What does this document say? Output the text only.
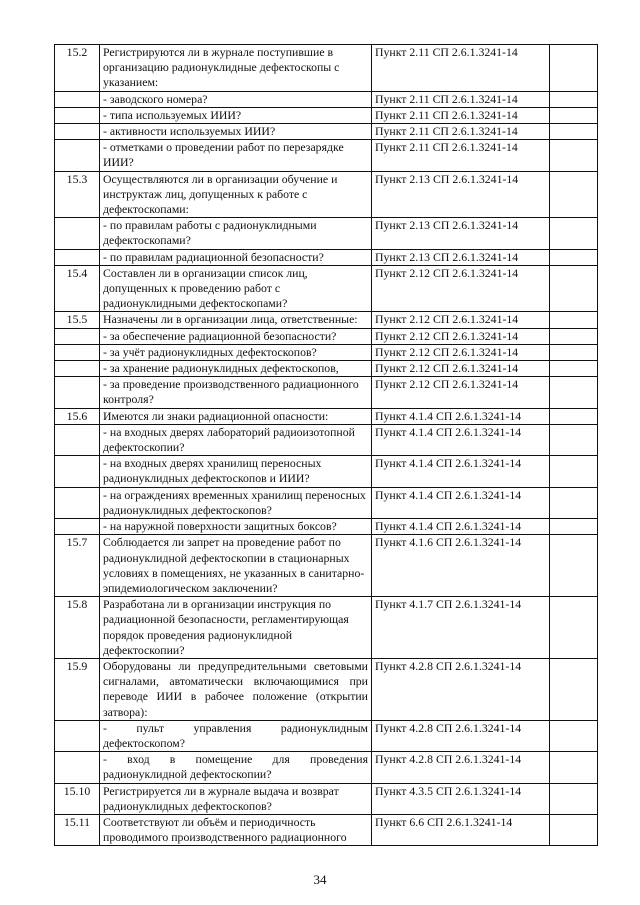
15.2	Регистрируются ли в журнале поступившие в организацию радионуклидные дефектоскопы с указанием:	Пункт 2.11 СП 2.6.1.3241-14	
	- заводского номера?	Пункт 2.11 СП 2.6.1.3241-14	
	- типа используемых ИИИ?	Пункт 2.11 СП 2.6.1.3241-14	
	- активности используемых ИИИ?	Пункт 2.11 СП 2.6.1.3241-14	
	- отметками о проведении работ по перезарядке ИИИ?	Пункт 2.11 СП 2.6.1.3241-14	
15.3	Осуществляются ли в организации обучение и инструктаж лиц, допущенных к работе с дефектоскопами:	Пункт 2.13 СП 2.6.1.3241-14	
	- по правилам работы с радионуклидными дефектоскопами?	Пункт 2.13 СП 2.6.1.3241-14	
	- по правилам радиационной безопасности?	Пункт 2.13 СП 2.6.1.3241-14	
15.4	Составлен ли в организации список лиц, допущенных к проведению работ с радионуклидными дефектоскопами?	Пункт 2.12 СП 2.6.1.3241-14	
15.5	Назначены ли в организации лица, ответственные:	Пункт 2.12 СП 2.6.1.3241-14	
	- за обеспечение радиационной безопасности?	Пункт 2.12 СП 2.6.1.3241-14	
	- за учёт радионуклидных дефектоскопов?	Пункт 2.12 СП 2.6.1.3241-14	
	- за хранение радионуклидных дефектоскопов,	Пункт 2.12 СП 2.6.1.3241-14	
	- за проведение производственного радиационного контроля?	Пункт 2.12 СП 2.6.1.3241-14	
15.6	Имеются ли знаки радиационной опасности:	Пункт 4.1.4 СП 2.6.1.3241-14	
	- на входных дверях лабораторий радиоизотопной дефектоскопии?	Пункт 4.1.4 СП 2.6.1.3241-14	
	- на входных дверях хранилищ переносных радионуклидных дефектоскопов и ИИИ?	Пункт 4.1.4 СП 2.6.1.3241-14	
	- на ограждениях временных хранилищ переносных радионуклидных дефектоскопов?	Пункт 4.1.4 СП 2.6.1.3241-14	
	- на наружной поверхности защитных боксов?	Пункт 4.1.4 СП 2.6.1.3241-14	
15.7	Соблюдается ли запрет на проведение работ по радионуклидной дефектоскопии в стационарных условиях в помещениях, не указанных в санитарно-эпидемиологическом заключении?	Пункт 4.1.6 СП 2.6.1.3241-14	
15.8	Разработана ли в организации инструкция по радиационной безопасности, регламентирующая порядок проведения радионуклидной дефектоскопии?	Пункт 4.1.7 СП 2.6.1.3241-14	
15.9	Оборудованы ли предупредительными световыми сигналами, автоматически включающимися при переводе ИИИ в рабочее положение (открытии затвора):	Пункт 4.2.8 СП 2.6.1.3241-14	
	- пульт управления радионуклидным дефектоскопом?	Пункт 4.2.8 СП 2.6.1.3241-14	
	- вход в помещение для проведения радионуклидной дефектоскопии?	Пункт 4.2.8 СП 2.6.1.3241-14	
15.10	Регистрируется ли в журнале выдача и возврат радионуклидных дефектоскопов?	Пункт 4.3.5 СП 2.6.1.3241-14	
15.11	Соответствуют ли объём и периодичность проводимого производственного радиационного	Пункт 6.6 СП 2.6.1.3241-14	
34
